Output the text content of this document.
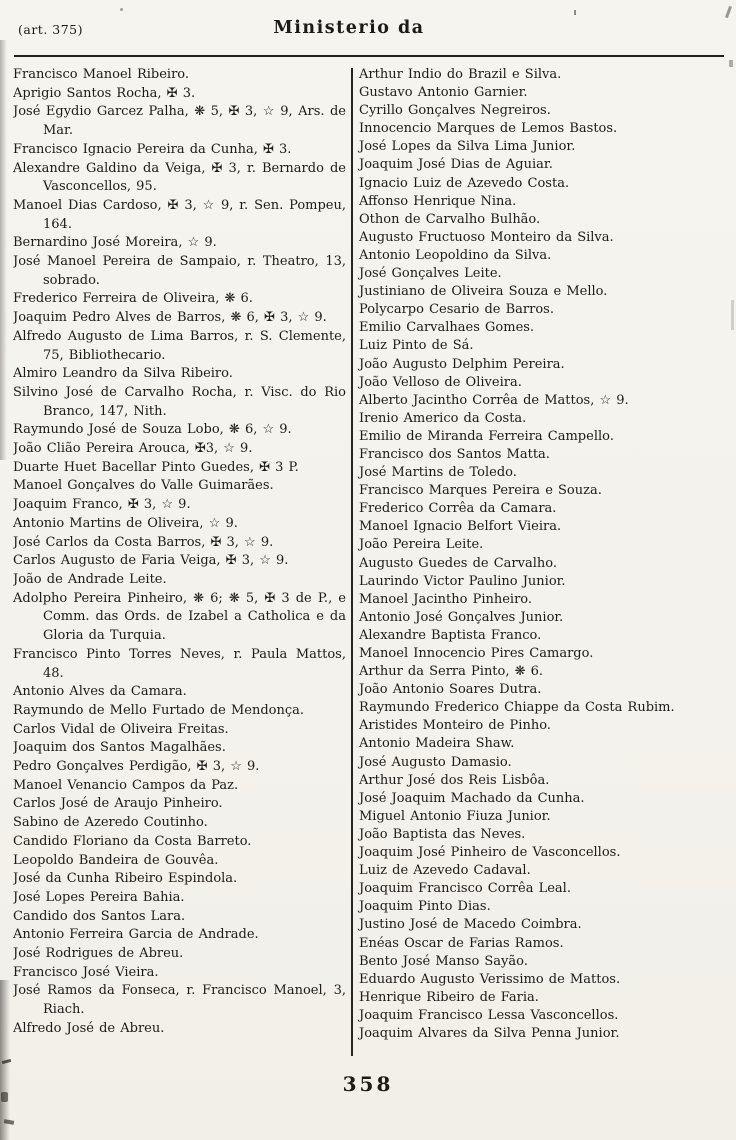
(art. 375)	Ministerio da
Francisco Manoel Ribeiro.
Aprigio Santos Rocha, ✠ 3.
José Egydio Garcez Palha, ❋ 5, ✠ 3, ☆ 9, Ars. de Mar.
Francisco Ignacio Pereira da Cunha, ✠ 3.
Alexandre Galdino da Veiga, ✠ 3, r. Bernardo de Vasconcellos, 95.
Manoel Dias Cardoso, ✠ 3, ☆ 9, r. Sen. Pompeu, 164.
Bernardino José Moreira, ☆ 9.
José Manoel Pereira de Sampaio, r. Theatro, 13, sobrado.
Frederico Ferreira de Oliveira, ❋ 6.
Joaquim Pedro Alves de Barros, ❋ 6, ✠ 3, ☆ 9.
Alfredo Augusto de Lima Barros, r. S. Clemente, 75, Bibliothecario.
Almiro Leandro da Silva Ribeiro.
Silvino José de Carvalho Rocha, r. Visc. do Rio Branco, 147, Nith.
Raymundo José de Souza Lobo, ❋ 6, ☆ 9.
João Clião Pereira Arouca, ✠3, ☆ 9.
Duarte Huet Bacellar Pinto Guedes, ✠ 3 P.
Manoel Gonçalves do Valle Guimarães.
Joaquim Franco, ✠ 3, ☆ 9.
Antonio Martins de Oliveira, ☆ 9.
José Carlos da Costa Barros, ✠ 3, ☆ 9.
Carlos Augusto de Faria Veiga, ✠ 3, ☆ 9.
João de Andrade Leite.
Adolpho Pereira Pinheiro, ❋ 6; ❋ 5, ✠ 3 de P., e Comm. das Ords. de Izabel a Catholica e da Gloria da Turquia.
Francisco Pinto Torres Neves, r. Paula Mattos, 48.
Antonio Alves da Camara.
Raymundo de Mello Furtado de Mendonça.
Carlos Vidal de Oliveira Freitas.
Joaquim dos Santos Magalhães.
Pedro Gonçalves Perdigão, ✠ 3, ☆ 9.
Manoel Venancio Campos da Paz.
Carlos José de Araujo Pinheiro.
Sabino de Azeredo Coutinho.
Candido Floriano da Costa Barreto.
Leopoldo Bandeira de Gouvêa.
José da Cunha Ribeiro Espindola.
José Lopes Pereira Bahia.
Candido dos Santos Lara.
Antonio Ferreira Garcia de Andrade.
José Rodrigues de Abreu.
Francisco José Vieira.
José Ramos da Fonseca, r. Francisco Manoel, 3, Riach.
Alfredo José de Abreu.
Arthur Indio do Brazil e Silva.
Gustavo Antonio Garnier.
Cyrillo Gonçalves Negreiros.
Innocencio Marques de Lemos Bastos.
José Lopes da Silva Lima Junior.
Joaquim José Dias de Aguiar.
Ignacio Luiz de Azevedo Costa.
Affonso Henrique Nina.
Othon de Carvalho Bulhão.
Augusto Fructuoso Monteiro da Silva.
Antonio Leopoldino da Silva.
José Gonçalves Leite.
Justiniano de Oliveira Souza e Mello.
Polycarpo Cesario de Barros.
Emilio Carvalhaes Gomes.
Luiz Pinto de Sá.
João Augusto Delphim Pereira.
João Velloso de Oliveira.
Alberto Jacintho Corrêa de Mattos, ☆ 9.
Irenio Americo da Costa.
Emilio de Miranda Ferreira Campello.
Francisco dos Santos Matta.
José Martins de Toledo.
Francisco Marques Pereira e Souza.
Frederico Corrêa da Camara.
Manoel Ignacio Belfort Vieira.
João Pereira Leite.
Augusto Guedes de Carvalho.
Laurindo Victor Paulino Junior.
Manoel Jacintho Pinheiro.
Antonio José Gonçalves Junior.
Alexandre Baptista Franco.
Manoel Innocencio Pires Camargo.
Arthur da Serra Pinto, ❋ 6.
João Antonio Soares Dutra.
Raymundo Frederico Chiappe da Costa Rubim.
Aristides Monteiro de Pinho.
Antonio Madeira Shaw.
José Augusto Damasio.
Arthur José dos Reis Lisbôa.
José Joaquim Machado da Cunha.
Miguel Antonio Fiuza Junior.
João Baptista das Neves.
Joaquim José Pinheiro de Vasconcellos.
Luiz de Azevedo Cadaval.
Joaquim Francisco Corrêa Leal.
Joaquim Pinto Dias.
Justino José de Macedo Coimbra.
Enéas Oscar de Farias Ramos.
Bento José Manso Sayão.
Eduardo Augusto Verissimo de Mattos.
Henrique Ribeiro de Faria.
Joaquim Francisco Lessa Vasconcellos.
Joaquim Alvares da Silva Penna Junior.
358
